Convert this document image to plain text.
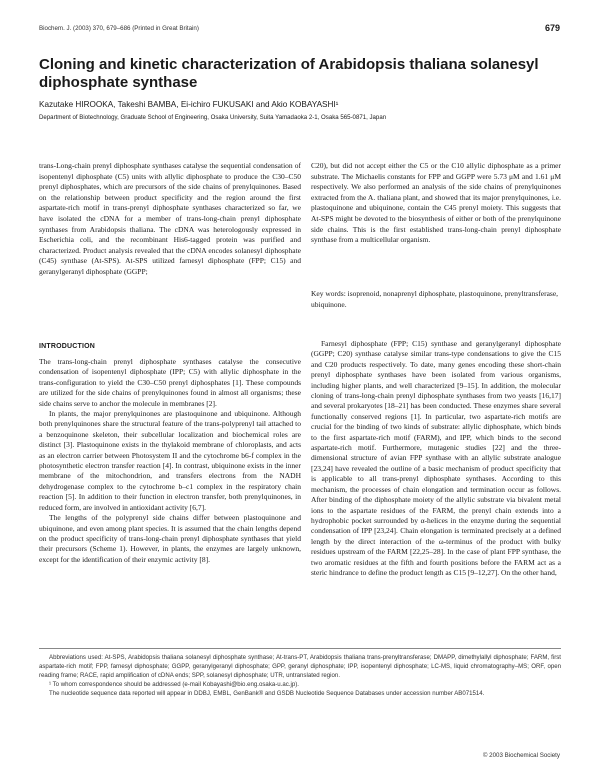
Biochem. J. (2003) 370, 679–686 (Printed in Great Britain)	679
Cloning and kinetic characterization of Arabidopsis thaliana solanesyl diphosphate synthase
Kazutake HIROOKA, Takeshi BAMBA, Ei-ichiro FUKUSAKI and Akio KOBAYASHI¹
Department of Biotechnology, Graduate School of Engineering, Osaka University, Suita Yamadaoka 2-1, Osaka 565-0871, Japan
trans-Long-chain prenyl diphosphate synthases catalyse the sequential condensation of isopentenyl diphosphate (C5) units with allylic diphosphate to produce the C30–C50 prenyl diphosphates, which are precursors of the side chains of prenylquinones. Based on the relationship between product specificity and the region around the first aspartate-rich motif in trans-prenyl diphosphate synthases characterized so far, we have isolated the cDNA for a member of trans-long-chain prenyl diphosphate synthases from Arabidopsis thaliana. The cDNA was heterologously expressed in Escherichia coli, and the recombinant His6-tagged protein was purified and characterized. Product analysis revealed that the cDNA encodes solanesyl diphosphate (C45) synthase (At-SPS). At-SPS utilized farnesyl diphosphate (FPP; C15) and geranylgeranyl diphosphate (GGPP;
C20), but did not accept either the C5 or the C10 allylic diphosphate as a primer substrate. The Michaelis constants for FPP and GGPP were 5.73 μM and 1.61 μM respectively. We also performed an analysis of the side chains of prenylquinones extracted from the A. thaliana plant, and showed that its major prenylquinones, i.e. plastoquinone and ubiquinone, contain the C45 prenyl moiety. This suggests that At-SPS might be devoted to the biosynthesis of either or both of the prenylquinone side chains. This is the first established trans-long-chain prenyl diphosphate synthase from a multicellular organism.
Key words: isoprenoid, nonaprenyl diphosphate, plastoquinone, prenyltransferase, ubiquinone.
INTRODUCTION

The trans-long-chain prenyl diphosphate synthases catalyse the consecutive condensation of isopentenyl diphosphate (IPP; C5) with allylic diphosphate in the trans-configuration to yield the C30–C50 prenyl diphosphates [1]. These compounds are utilized for the side chains of prenylquinones found in almost all organisms; these side chains serve to anchor the molecule in membranes [2].

In plants, the major prenylquinones are plastoquinone and ubiquinone. Although both prenylquinones share the structural feature of the trans-polyprenyl tail attached to a benzoquinone skeleton, their subcellular localization and biochemical roles are distinct [3]. Plastoquinone exists in the thylakoid membrane of chloroplasts, and acts as an electron carrier between Photosystem II and the cytochrome b6-f complex in the photosynthetic electron transfer reaction [4]. In contrast, ubiquinone exists in the inner membrane of the mitochondrion, and transfers electrons from the NADH dehydrogenase complex to the cytochrome b–c1 complex in the respiratory chain reaction [5]. In addition to their function in electron transfer, both prenylquinones, in reduced form, are involved in antioxidant activity [6,7].

The lengths of the polyprenyl side chains differ between plastoquinone and ubiquinone, and even among plant species. It is assumed that the chain lengths depend on the product specificity of trans-long-chain prenyl diphosphate synthases that yield their precursors (Scheme 1). However, in plants, the enzymes are largely unknown, except for the identification of their enzymic activity [8].

Farnesyl diphosphate (FPP; C15) synthase and geranylgeranyl diphosphate (GGPP; C20) synthase catalyse similar trans-type condensations to give the C15 and C20 products respectively. To date, many genes encoding these short-chain prenyl diphosphate synthases have been isolated from various organisms, including higher plants, and well characterized [9–15]. In addition, the molecular cloning of trans-long-chain prenyl diphosphate synthases from two yeasts [16,17] and several prokaryotes [18–21] has been conducted. These enzymes share several functionally conserved regions [1]. In particular, two aspartate-rich motifs are crucial for the binding of two kinds of substrate: allylic diphosphate, which binds to the first aspartate-rich motif (FARM), and IPP, which binds to the second aspartate-rich motif. Furthermore, mutagenic studies [22] and the three-dimensional structure of avian FPP synthase with an allylic substrate analogue [23,24] have revealed the outline of a basic mechanism of product specificity that is applicable to all trans-prenyl diphosphate synthases. According to this mechanism, the processes of chain elongation and termination occur as follows. After binding of the diphosphate moiety of the allylic substrate via bivalent metal ions to the aspartate residues of the FARM, the prenyl chain extends into a hydrophobic pocket surrounded by α-helices in the enzyme during the sequential condensation of IPP [23,24]. Chain elongation is terminated precisely at a defined length by the direct interaction of the ω-terminus of the product with bulky residues upstream of the FARM [22,25–28]. In the case of plant FPP synthase, the two aromatic residues at the fifth and fourth positions before the FARM act as a steric hindrance to define the product length as C15 [9–12,27]. On the other hand,

Abbreviations used: At-SPS, Arabidopsis thaliana solanesyl diphosphate synthase; At-trans-PT, Arabidopsis thaliana trans-prenyltransferase; DMAPP, dimethylallyl diphosphate; FARM, first aspartate-rich motif; FPP, farnesyl diphosphate; GGPP, geranylgeranyl diphosphate; GPP, geranyl diphosphate; IPP, isopentenyl diphosphate; LC-MS, liquid chromatography–MS; ORF, open reading frame; RACE, rapid amplification of cDNA ends; SPP, solanesyl diphosphate; UTR, untranslated region.

¹ To whom correspondence should be addressed (e-mail Kobayashi@bio.eng.osaka-u.ac.jp).

The nucleotide sequence data reported will appear in DDBJ, EMBL, GenBank® and GSDB Nucleotide Sequence Databases under accession number AB071514.

© 2003 Biochemical Society
